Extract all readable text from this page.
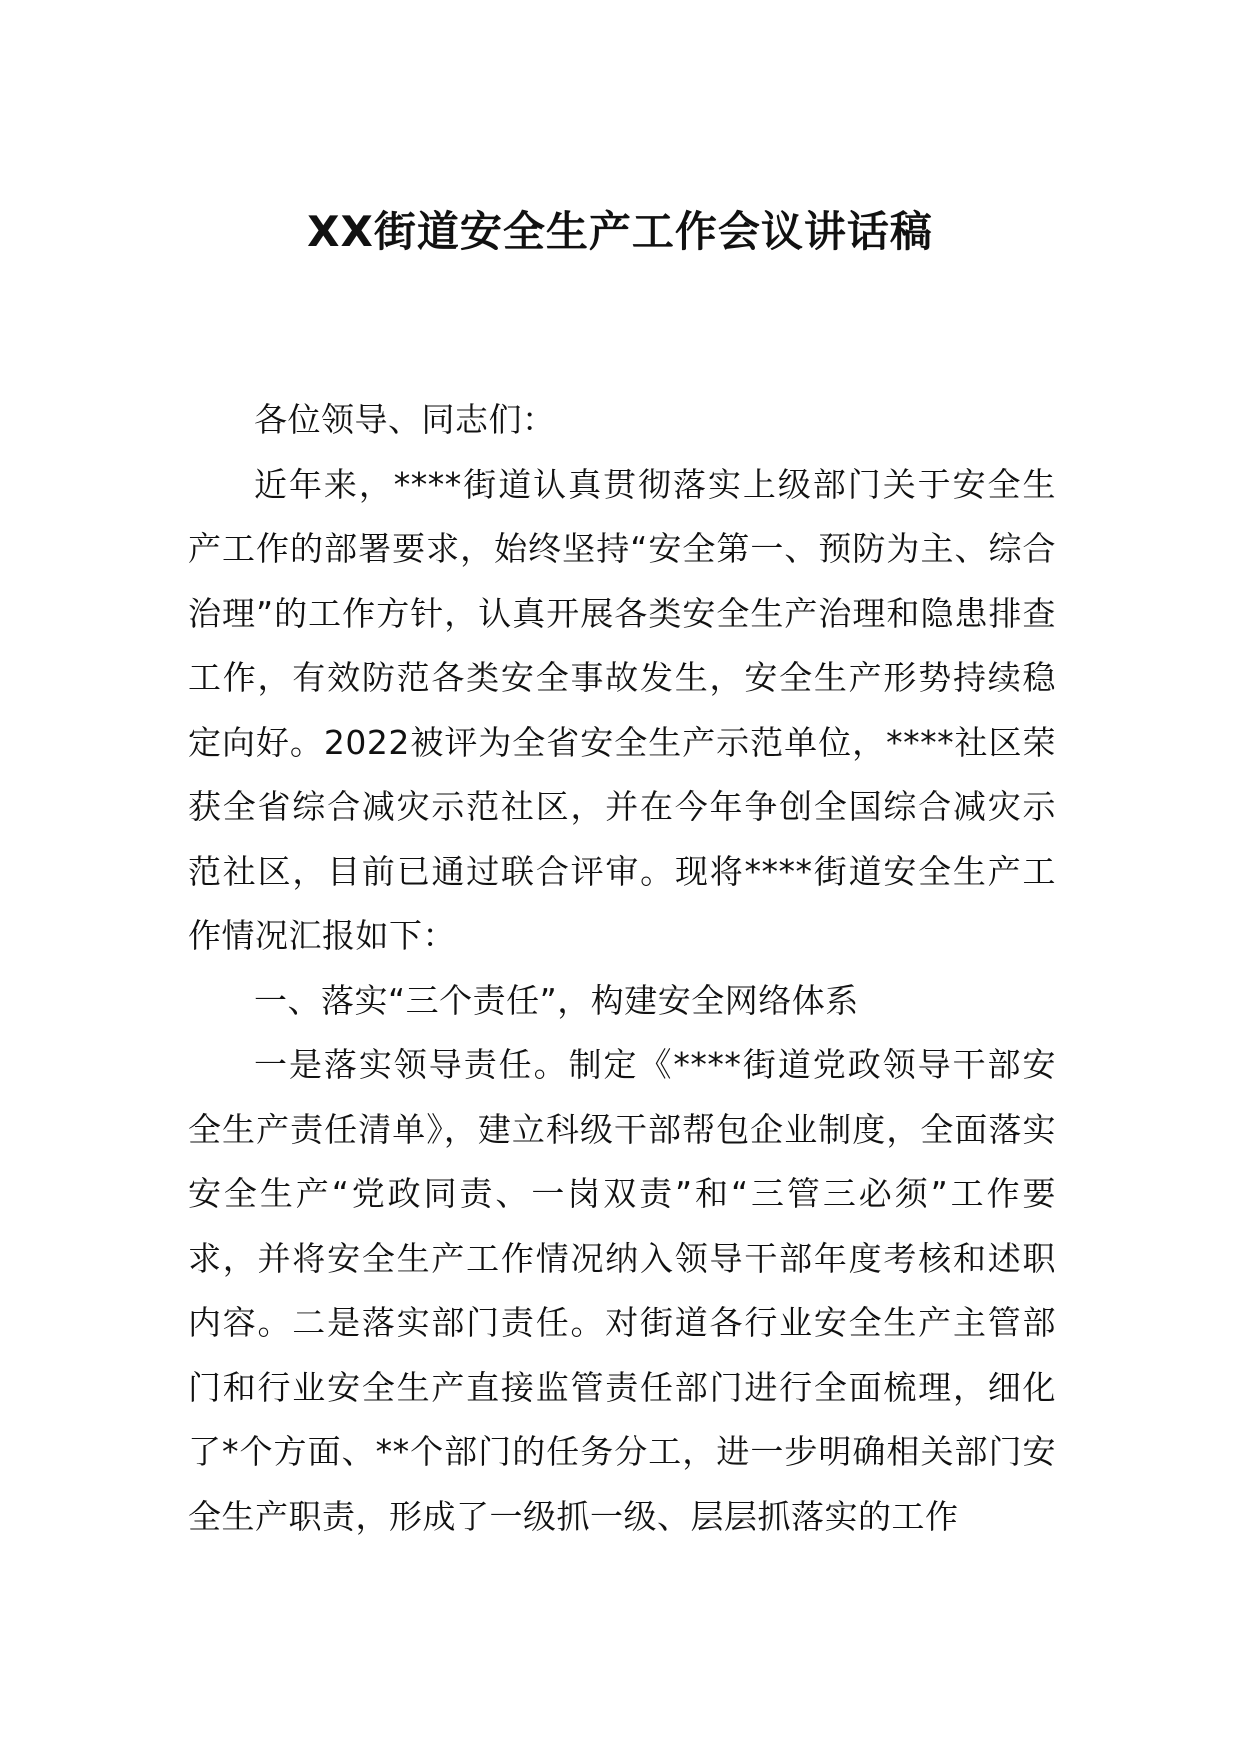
XX街道安全生产工作会议讲话稿

各位领导、同志们：

近年来，****街道认真贯彻落实上级部门关于安全生产工作的部署要求，始终坚持“安全第一、预防为主、综合治理”的工作方针，认真开展各类安全生产治理和隐患排查工作，有效防范各类安全事故发生，安全生产形势持续稳定向好。2022被评为全省安全生产示范单位，****社区荣获全省综合减灾示范社区，并在今年争创全国综合减灾示范社区，目前已通过联合评审。现将****街道安全生产工作情况汇报如下：

一、落实“三个责任”，构建安全网络体系

一是落实领导责任。制定《****街道党政领导干部安全生产责任清单》，建立科级干部帮包企业制度，全面落实安全生产“党政同责、一岗双责”和“三管三必须”工作要求，并将安全生产工作情况纳入领导干部年度考核和述职内容。二是落实部门责任。对街道各行业安全生产主管部门和行业安全生产直接监管责任部门进行全面梳理，细化了*个方面、**个部门的任务分工，进一步明确相关部门安全生产职责，形成了一级抓一级、层层抓落实的工作
